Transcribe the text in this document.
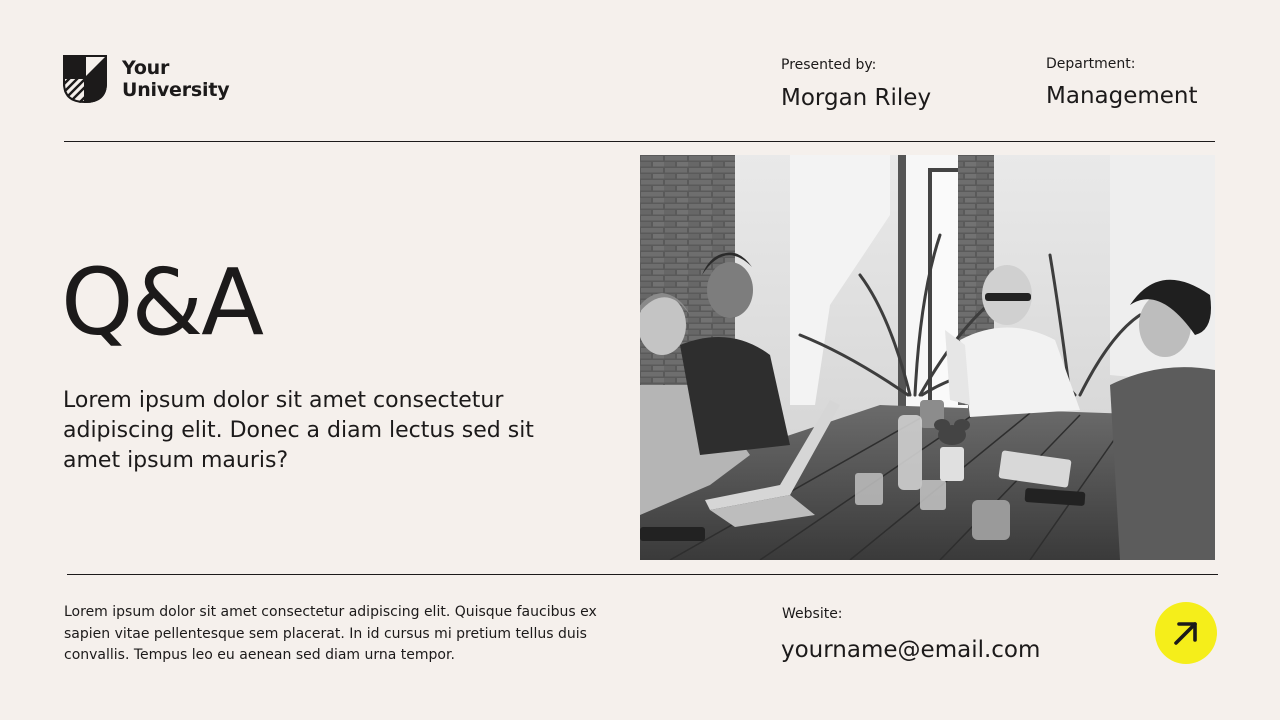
Your
University
Presented by:
Morgan Riley
Department:
Management
Q&A
Lorem ipsum dolor sit amet consectetur adipiscing elit. Donec a diam lectus sed sit amet ipsum mauris?
Lorem ipsum dolor sit amet consectetur adipiscing elit. Quisque faucibus ex sapien vitae pellentesque sem placerat. In id cursus mi pretium tellus duis convallis. Tempus leo eu aenean sed diam urna tempor.
Website:
yourname@email.com
